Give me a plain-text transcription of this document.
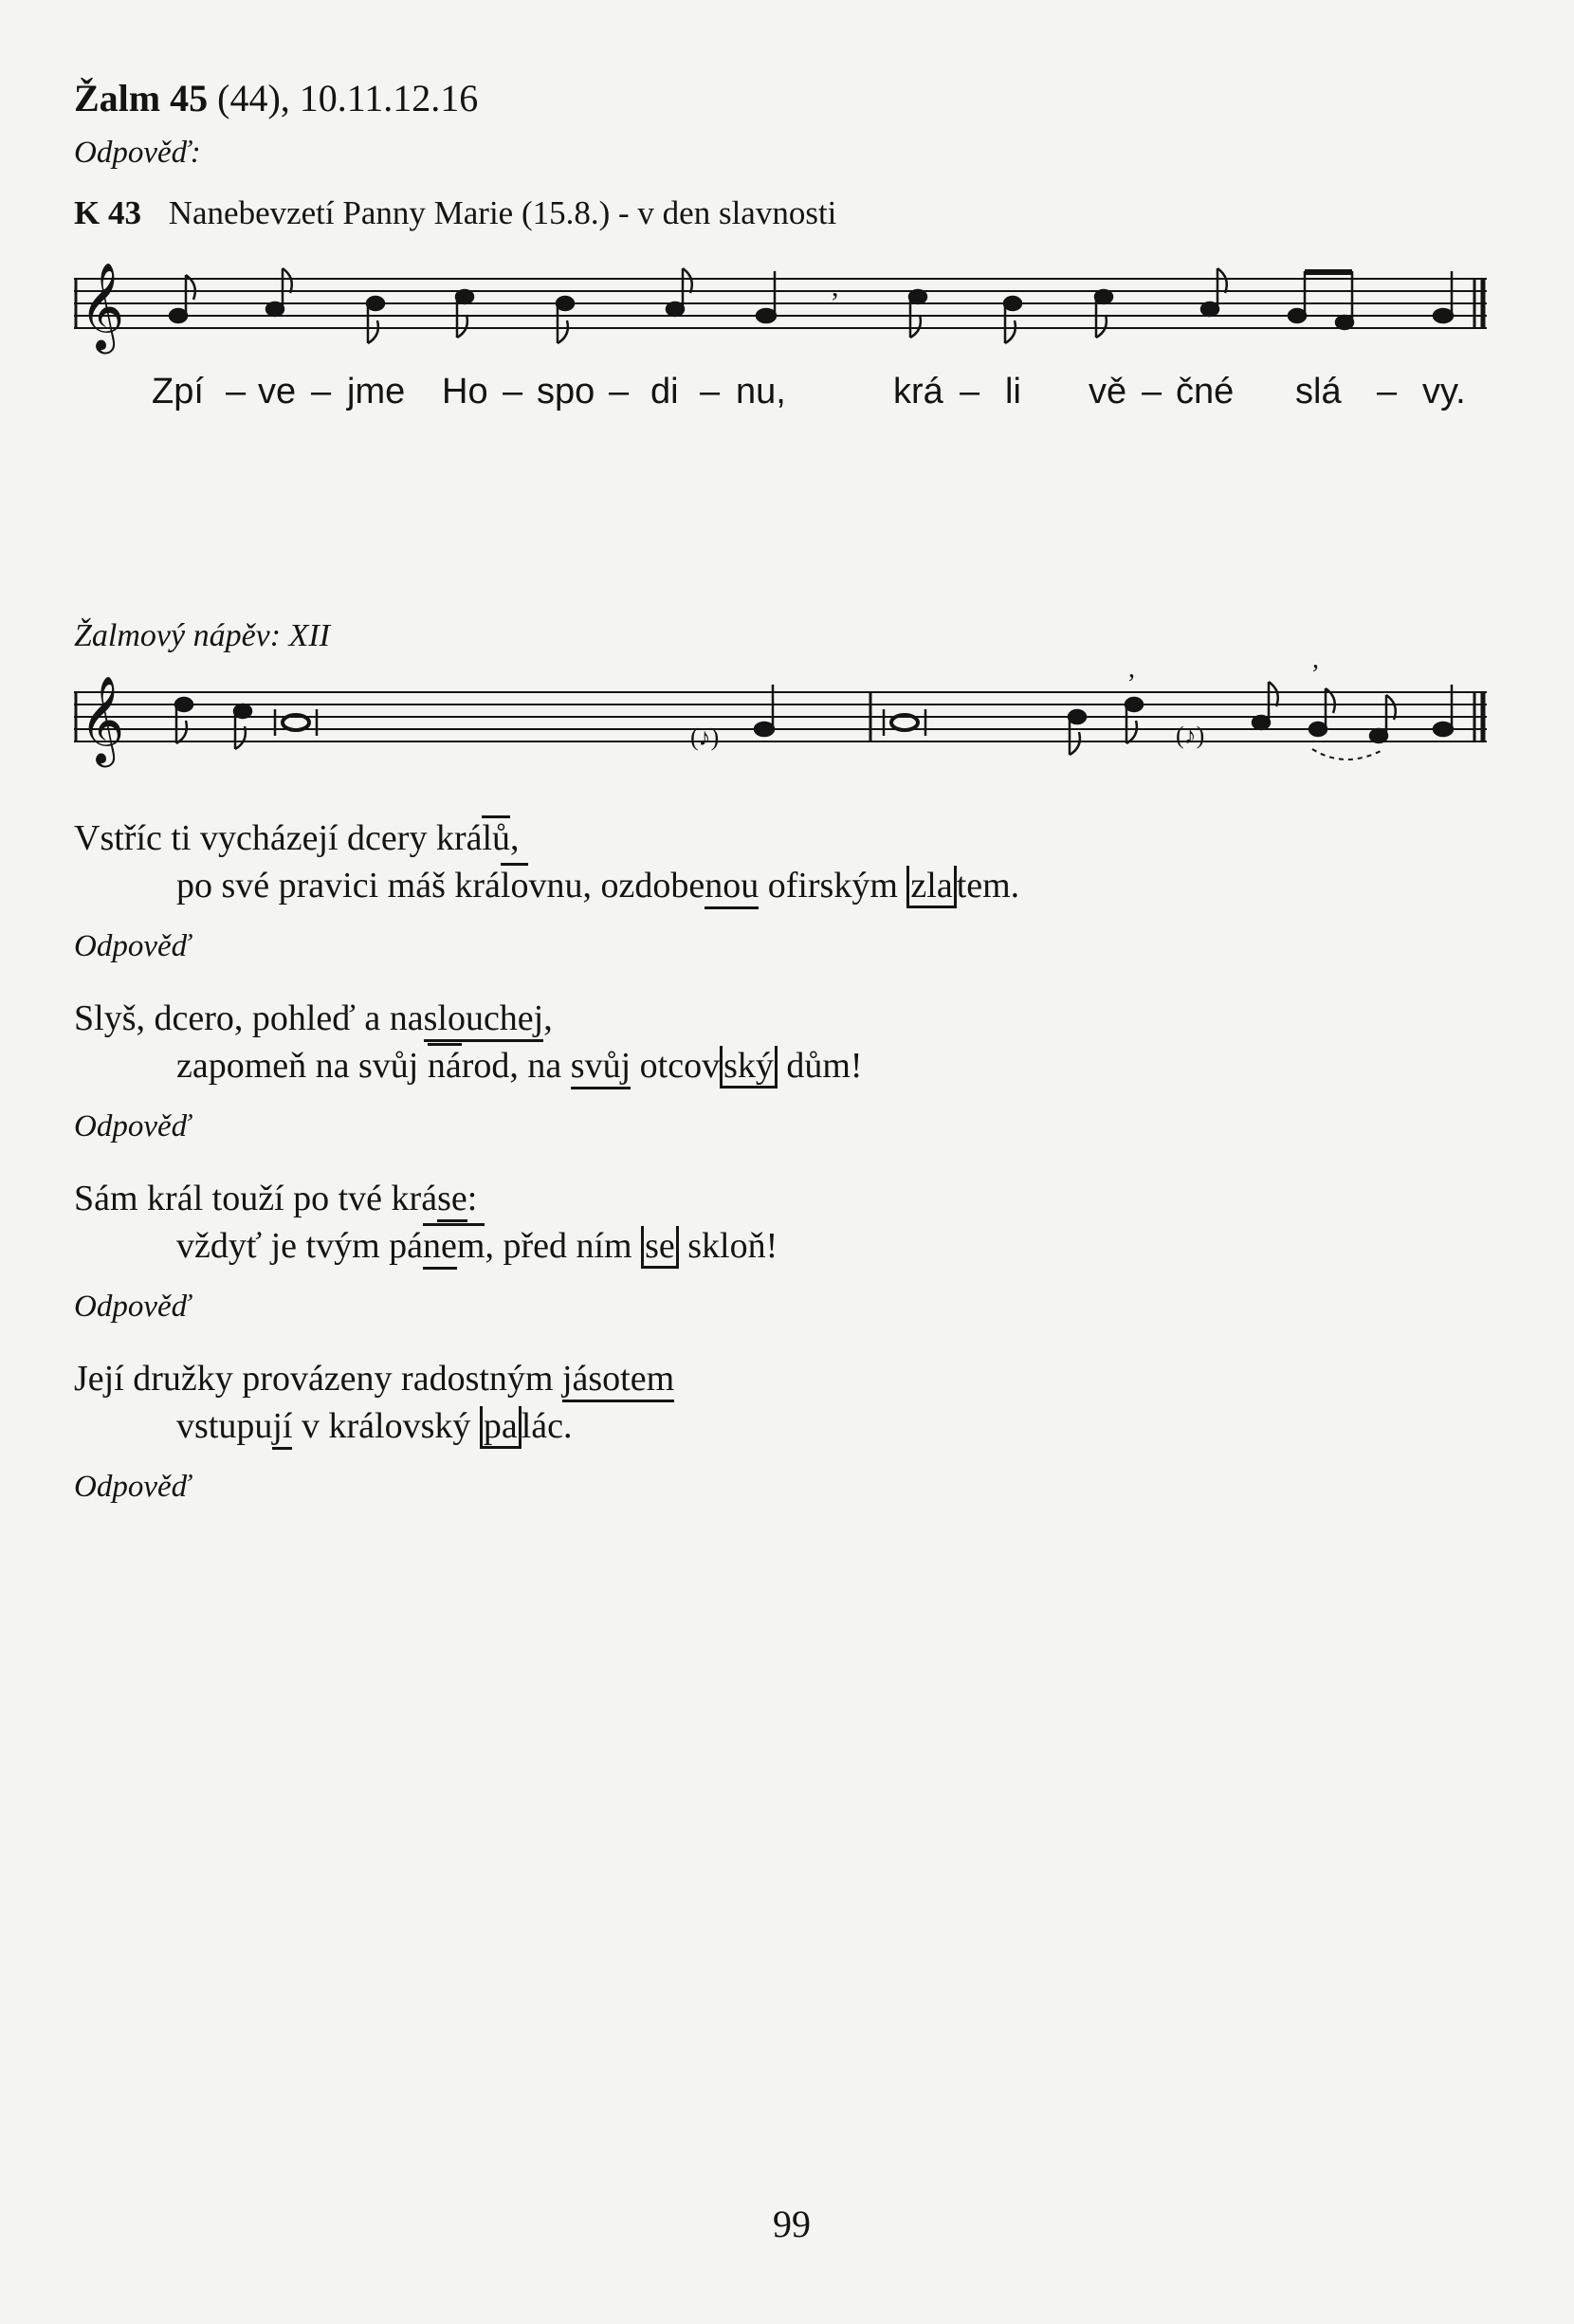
Žalm 45 (44), 10.11.12.16
Odpověď:
K 43 Nanebevzetí Panny Marie (15.8.) - v den slavnosti
𝄞
𝄞
,
(♪)
,
(♪)
,
Zpí – ve – jme Ho – spo – di – nu,	krá – li vě – čné slá – vy.
Žalmový nápěv: XII
Vstříc ti vycházejí dcery králů,
po své pravici máš královnu, ozdobenou ofirským zla tem.
Odpověď
Slyš, dcero, pohleď a naslouchej,
zapomeň na svůj národ, na svůj otcov ský dům!
Odpověď
Sám král touží po tvé kráse:
vždyť je tvým pánem, před ním se skloň!
Odpověď
Její družky provázeny radostným jásotem
vstupují v královský pa lác.
Odpověď
99
